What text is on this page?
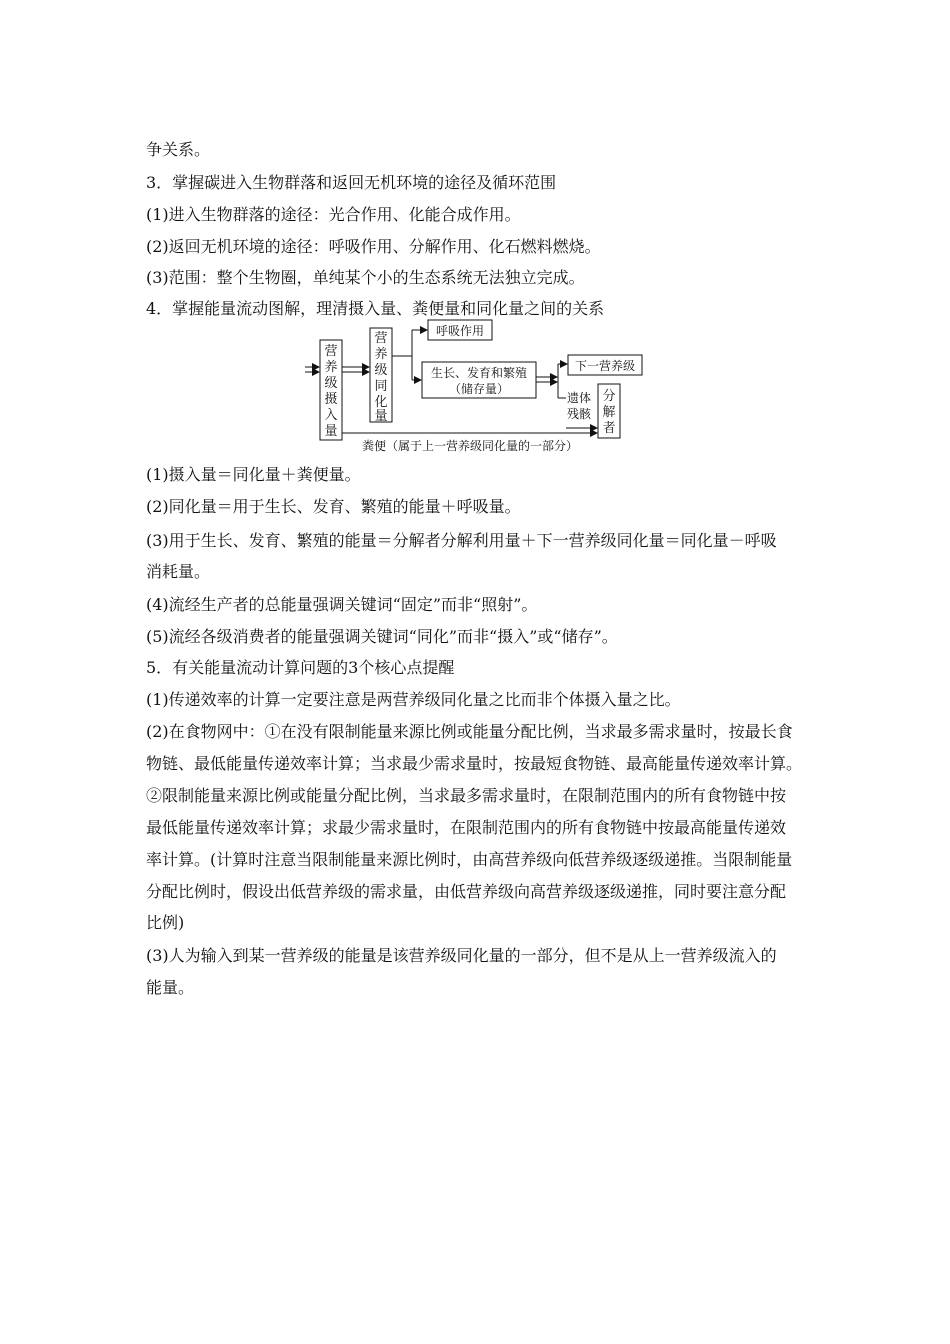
争关系。
3．掌握碳进入生物群落和返回无机环境的途径及循环范围
(1)进入生物群落的途径：光合作用、化能合成作用。
(2)返回无机环境的途径：呼吸作用、分解作用、化石燃料燃烧。
(3)范围：整个生物圈，单纯某个小的生态系统无法独立完成。
4．掌握能量流动图解，理清摄入量、粪便量和同化量之间的关系
营
养
级
摄
入
量
营
养
级
同
化
量
呼吸作用
生长、发育和繁殖
（储存量）
下一营养级
遗体
残骸
分
解
者
粪便（属于上一营养级同化量的一部分）
(1)摄入量＝同化量＋粪便量。
(2)同化量＝用于生长、发育、繁殖的能量＋呼吸量。
(3)用于生长、发育、繁殖的能量＝分解者分解利用量＋下一营养级同化量＝同化量－呼吸
消耗量。
(4)流经生产者的总能量强调关键词“固定”而非“照射”。
(5)流经各级消费者的能量强调关键词“同化”而非“摄入”或“储存”。
5．有关能量流动计算问题的3个核心点提醒
(1)传递效率的计算一定要注意是两营养级同化量之比而非个体摄入量之比。
(2)在食物网中：①在没有限制能量来源比例或能量分配比例，当求最多需求量时，按最长食
物链、最低能量传递效率计算；当求最少需求量时，按最短食物链、最高能量传递效率计算。
②限制能量来源比例或能量分配比例，当求最多需求量时，在限制范围内的所有食物链中按
最低能量传递效率计算；求最少需求量时，在限制范围内的所有食物链中按最高能量传递效
率计算。(计算时注意当限制能量来源比例时，由高营养级向低营养级逐级递推。当限制能量
分配比例时，假设出低营养级的需求量，由低营养级向高营养级逐级递推，同时要注意分配
比例)
(3)人为输入到某一营养级的能量是该营养级同化量的一部分，但不是从上一营养级流入的
能量。
